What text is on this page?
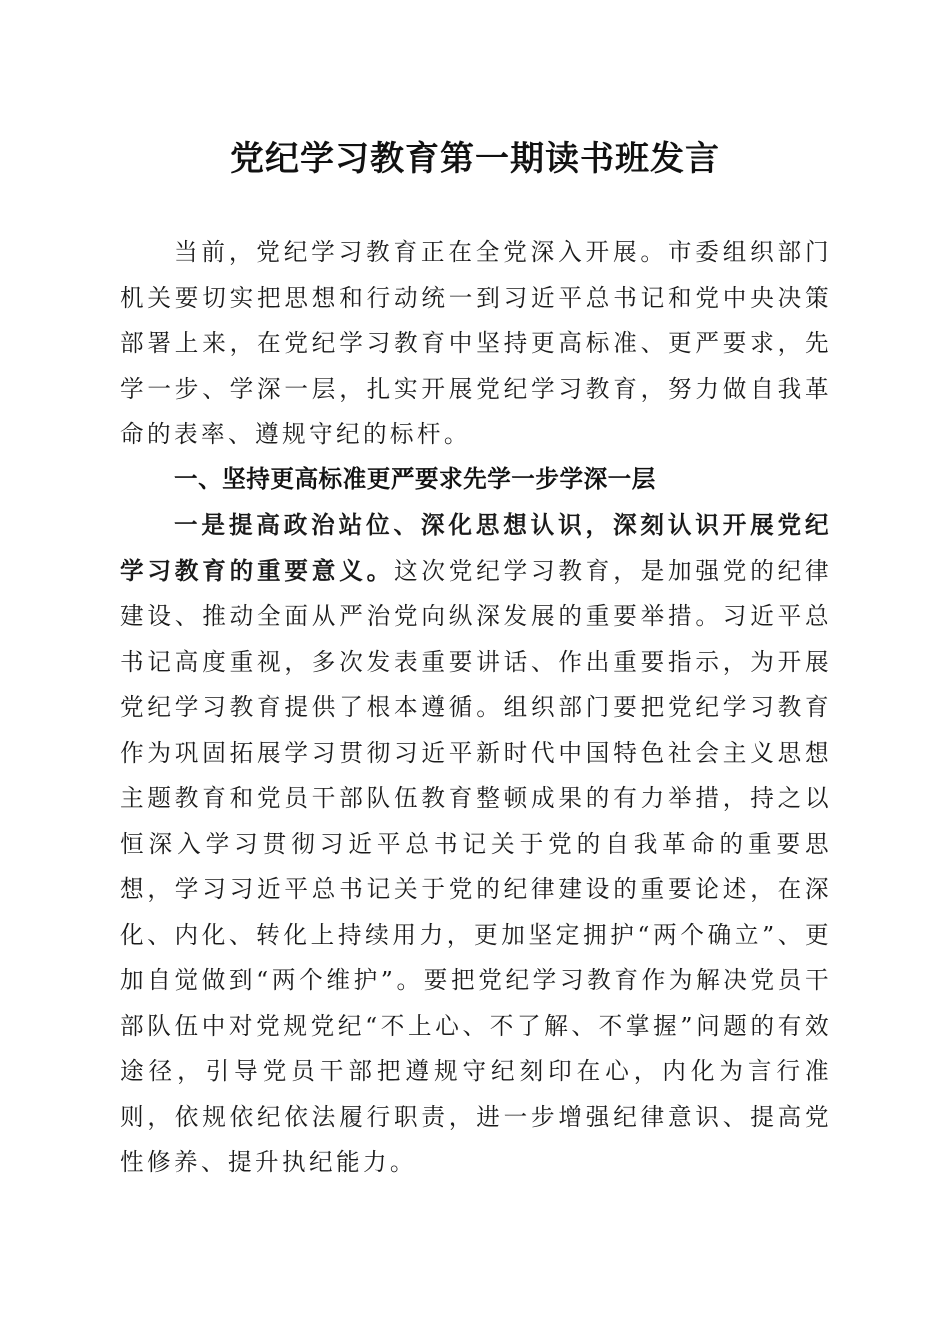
党纪学习教育第一期读书班发言

当前，党纪学习教育正在全党深入开展。市委组织部门机关要切实把思想和行动统一到习近平总书记和党中央决策部署上来，在党纪学习教育中坚持更高标准、更严要求，先学一步、学深一层，扎实开展党纪学习教育，努力做自我革命的表率、遵规守纪的标杆。

一、坚持更高标准更严要求先学一步学深一层

一是提高政治站位、深化思想认识，深刻认识开展党纪学习教育的重要意义。这次党纪学习教育，是加强党的纪律建设、推动全面从严治党向纵深发展的重要举措。习近平总书记高度重视，多次发表重要讲话、作出重要指示，为开展党纪学习教育提供了根本遵循。组织部门要把党纪学习教育作为巩固拓展学习贯彻习近平新时代中国特色社会主义思想主题教育和党员干部队伍教育整顿成果的有力举措，持之以恒深入学习贯彻习近平总书记关于党的自我革命的重要思想，学习习近平总书记关于党的纪律建设的重要论述，在深化、内化、转化上持续用力，更加坚定拥护“两个确立”、更加自觉做到“两个维护”。要把党纪学习教育作为解决党员干部队伍中对党规党纪“不上心、不了解、不掌握”问题的有效途径，引导党员干部把遵规守纪刻印在心，内化为言行准则，依规依纪依法履行职责，进一步增强纪律意识、提高党性修养、提升执纪能力。
